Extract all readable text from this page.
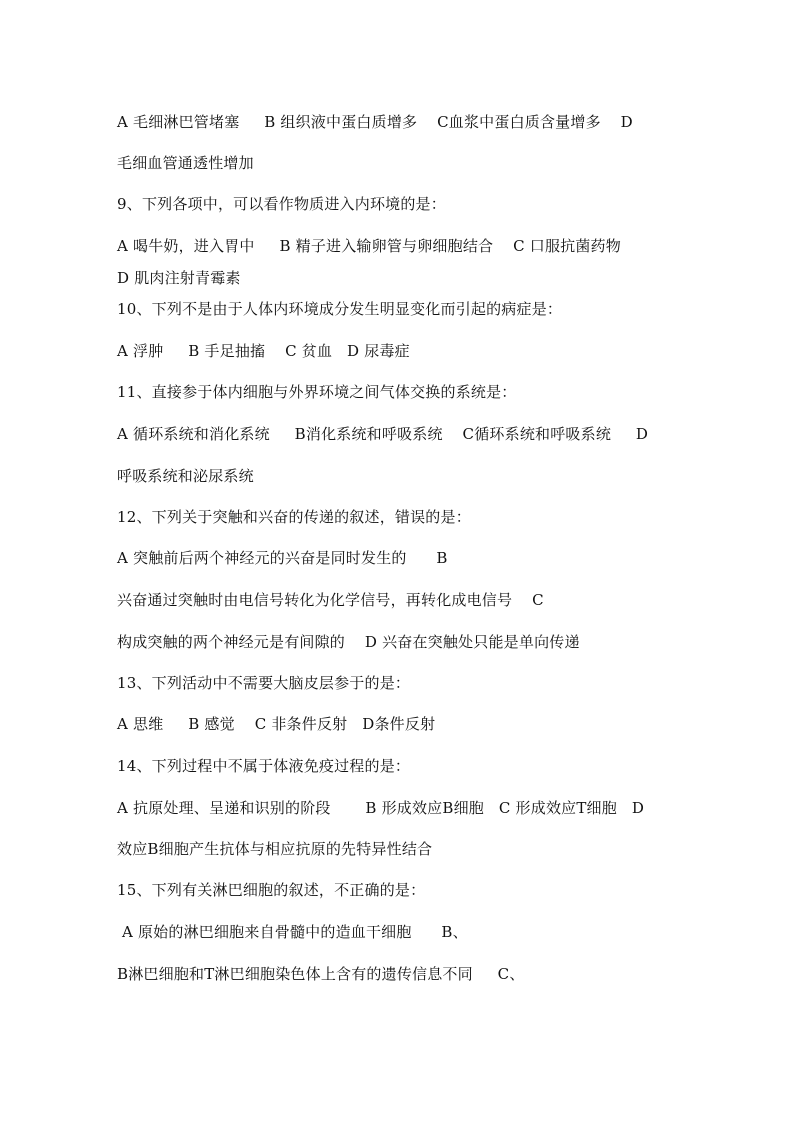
A 毛细淋巴管堵塞     B 组织液中蛋白质增多    C血浆中蛋白质含量增多    D
毛细血管通透性增加
9、下列各项中，可以看作物质进入内环境的是：
A 喝牛奶，进入胃中     B 精子进入输卵管与卵细胞结合    C 口服抗菌药物
D 肌肉注射青霉素
10、下列不是由于人体内环境成分发生明显变化而引起的病症是：
A 浮肿     B 手足抽搐    C 贫血   D 尿毒症
11、直接参于体内细胞与外界环境之间气体交换的系统是：
A 循环系统和消化系统     B消化系统和呼吸系统    C循环系统和呼吸系统     D
呼吸系统和泌尿系统
12、下列关于突触和兴奋的传递的叙述，错误的是：
A 突触前后两个神经元的兴奋是同时发生的      B
兴奋通过突触时由电信号转化为化学信号，再转化成电信号    C
构成突触的两个神经元是有间隙的    D 兴奋在突触处只能是单向传递
13、下列活动中不需要大脑皮层参于的是：
A 思维     B 感觉    C 非条件反射   D条件反射
14、下列过程中不属于体液免疫过程的是：
A 抗原处理、呈递和识别的阶段       B 形成效应B细胞   C 形成效应T细胞   D
效应B细胞产生抗体与相应抗原的先特异性结合
15、下列有关淋巴细胞的叙述，不正确的是：
A 原始的淋巴细胞来自骨髓中的造血干细胞      B、
B淋巴细胞和T淋巴细胞染色体上含有的遗传信息不同     C、
